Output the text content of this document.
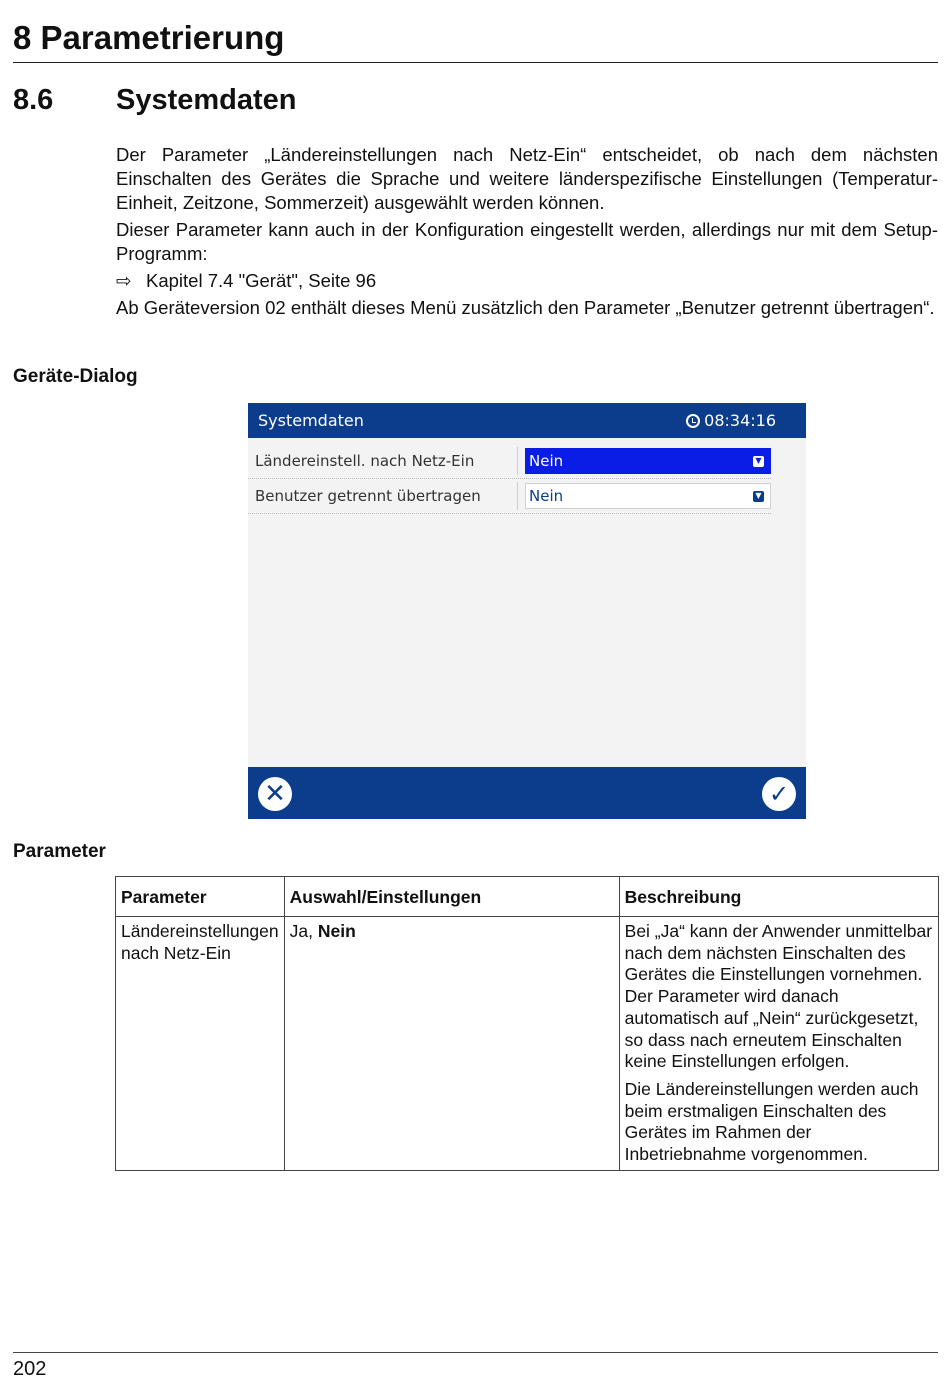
8 Parametrierung
8.6 Systemdaten

Der Parameter „Ländereinstellungen nach Netz-Ein“ entscheidet, ob nach dem nächsten Einschalten des Gerätes die Sprache und weitere länderspezifische Einstellungen (Temperatur-Einheit, Zeitzone, Sommerzeit) ausgewählt werden können.

Dieser Parameter kann auch in der Konfiguration eingestellt werden, allerdings nur mit dem Setup-Programm:

⇨ Kapitel 7.4 "Gerät", Seite 96

Ab Geräteversion 02 enthält dieses Menü zusätzlich den Parameter „Benutzer getrennt übertragen“.

Geräte-Dialog
Systemdaten	08:34:16
Ländereinstell. nach Netz-Ein	Nein	▼
Benutzer getrennt übertragen	Nein	▼
✕	✓
Parameter
Parameter	Auswahl/Einstellungen	Beschreibung
Ländereinstellungen nach Netz-Ein	Ja, Nein	Bei „Ja“ kann der Anwender unmittelbar nach dem nächsten Einschalten des Gerätes die Einstellungen vornehmen. Der Parameter wird danach automatisch auf „Nein“ zurückgesetzt, so dass nach erneutem Einschalten keine Einstellungen erfolgen.

Die Ländereinstellungen werden auch beim erstmaligen Einschalten des Gerätes im Rahmen der Inbetriebnahme vorgenommen.

202
